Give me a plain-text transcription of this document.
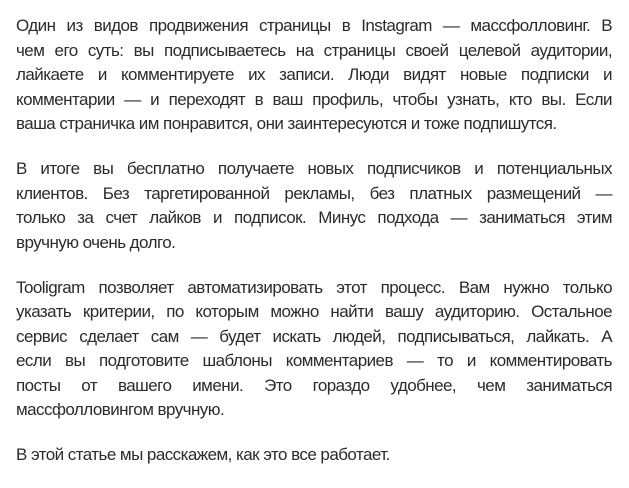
Один из видов продвижения страницы в Instagram — массфолловинг. В
чем его суть: вы подписываетесь на страницы своей целевой аудитории,
лайкаете и комментируете их записи. Люди видят новые подписки и
комментарии — и переходят в ваш профиль, чтобы узнать, кто вы. Если
ваша страничка им понравится, они заинтересуются и тоже подпишутся.
В итоге вы бесплатно получаете новых подписчиков и потенциальных
клиентов. Без таргетированной рекламы, без платных размещений —
только за счет лайков и подписок. Минус подхода — заниматься этим
вручную очень долго.
Tooligram позволяет автоматизировать этот процесс. Вам нужно только
указать критерии, по которым можно найти вашу аудиторию. Остальное
сервис сделает сам — будет искать людей, подписываться, лайкать. А
если вы подготовите шаблоны комментариев — то и комментировать
посты от вашего имени. Это гораздо удобнее, чем заниматься
массфолловингом вручную.
В этой статье мы расскажем, как это все работает.
